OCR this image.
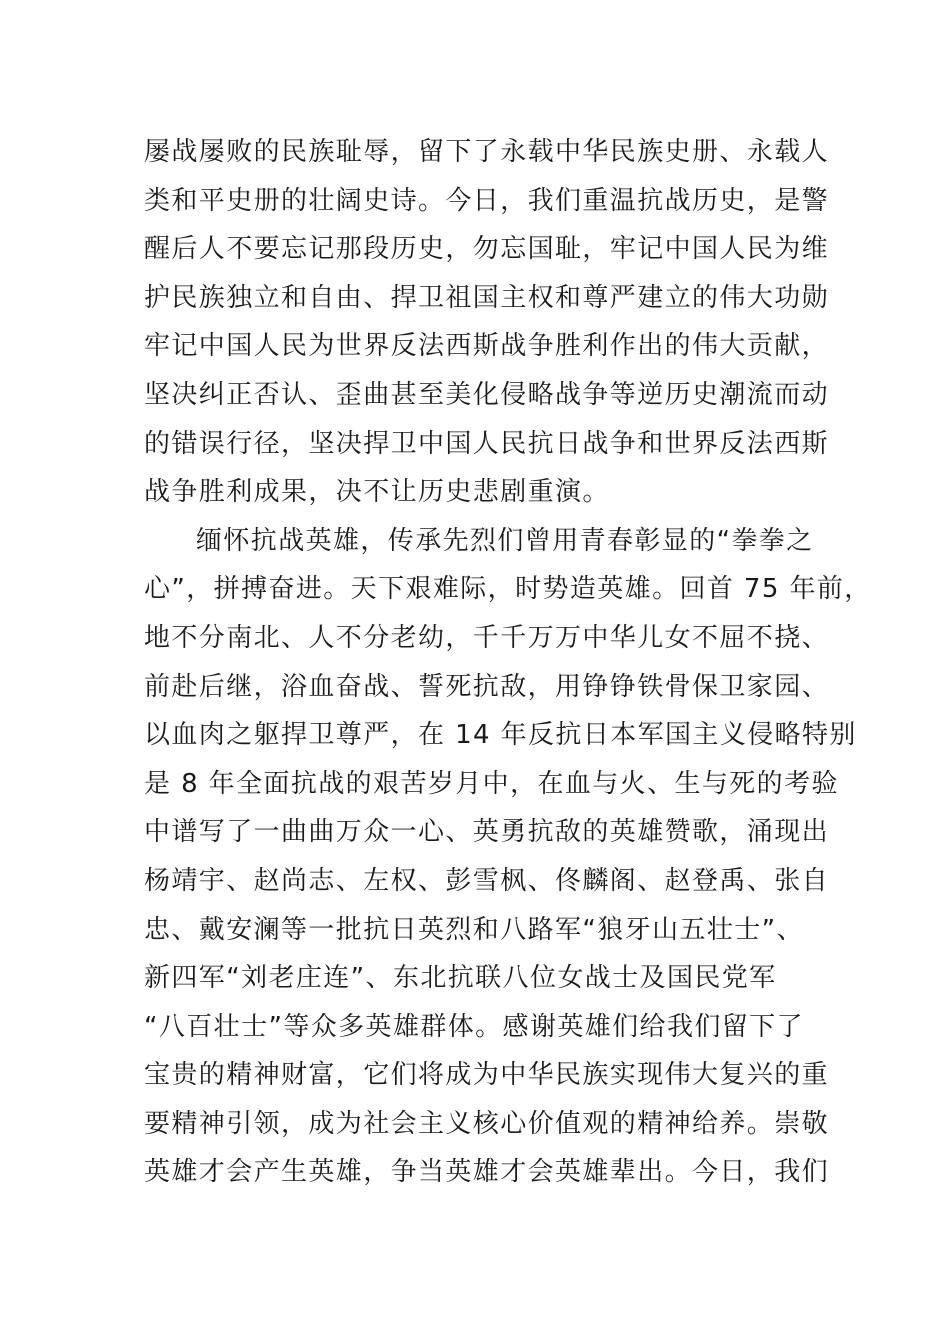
屡战屡败的民族耻辱，留下了永载中华民族史册、永载人
类和平史册的壮阔史诗。今日，我们重温抗战历史，是警
醒后人不要忘记那段历史，勿忘国耻，牢记中国人民为维
护民族独立和自由、捍卫祖国主权和尊严建立的伟大功勋
牢记中国人民为世界反法西斯战争胜利作出的伟大贡献，
坚决纠正否认、歪曲甚至美化侵略战争等逆历史潮流而动
的错误行径，坚决捍卫中国人民抗日战争和世界反法西斯
战争胜利成果，决不让历史悲剧重演。
缅怀抗战英雄，传承先烈们曾用青春彰显的“拳拳之
心”，拼搏奋进。天下艰难际，时势造英雄。回首 75 年前，
地不分南北、人不分老幼，千千万万中华儿女不屈不挠、
前赴后继，浴血奋战、誓死抗敌，用铮铮铁骨保卫家园、
以血肉之躯捍卫尊严，在 14 年反抗日本军国主义侵略特别
是 8 年全面抗战的艰苦岁月中，在血与火、生与死的考验
中谱写了一曲曲万众一心、英勇抗敌的英雄赞歌，涌现出
杨靖宇、赵尚志、左权、彭雪枫、佟麟阁、赵登禹、张自
忠、戴安澜等一批抗日英烈和八路军“狼牙山五壮士”、
新四军“刘老庄连”、东北抗联八位女战士及国民党军
“八百壮士”等众多英雄群体。感谢英雄们给我们留下了
宝贵的精神财富，它们将成为中华民族实现伟大复兴的重
要精神引领，成为社会主义核心价值观的精神给养。崇敬
英雄才会产生英雄，争当英雄才会英雄辈出。今日，我们
